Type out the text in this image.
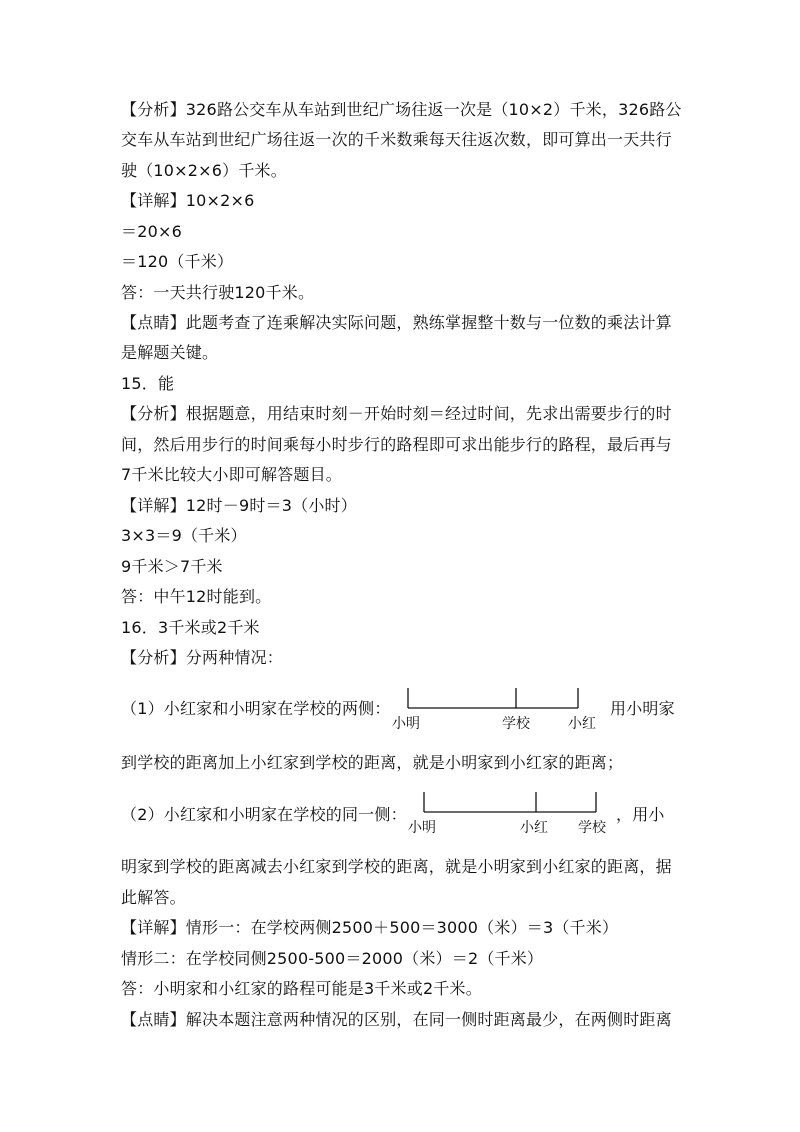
【分析】326路公交车从车站到世纪广场往返一次是（10×2）千米，326路公
交车从车站到世纪广场往返一次的千米数乘每天往返次数，即可算出一天共行
驶（10×2×6）千米。
【详解】10×2×6
＝20×6
＝120（千米）
答：一天共行驶120千米。
【点睛】此题考查了连乘解决实际问题，熟练掌握整十数与一位数的乘法计算
是解题关键。
15．能
【分析】根据题意，用结束时刻－开始时刻＝经过时间，先求出需要步行的时
间，然后用步行的时间乘每小时步行的路程即可求出能步行的路程，最后再与
7千米比较大小即可解答题目。
【详解】12时－9时＝3（小时）
3×3＝9（千米）
9千米＞7千米
答：中午12时能到。
16．3千米或2千米
【分析】分两种情况：
（1）小红家和小明家在学校的两侧：
小明	学校	小红
用小明家
到学校的距离加上小红家到学校的距离，就是小明家到小红家的距离；
（2）小红家和小明家在学校的同一侧：
小明	小红 学校
，用小
明家到学校的距离减去小红家到学校的距离，就是小明家到小红家的距离，据
此解答。
【详解】情形一：在学校两侧2500＋500＝3000（米）＝3（千米）
情形二：在学校同侧2500-500＝2000（米）＝2（千米）
答：小明家和小红家的路程可能是3千米或2千米。
【点睛】解决本题注意两种情况的区别，在同一侧时距离最少，在两侧时距离
